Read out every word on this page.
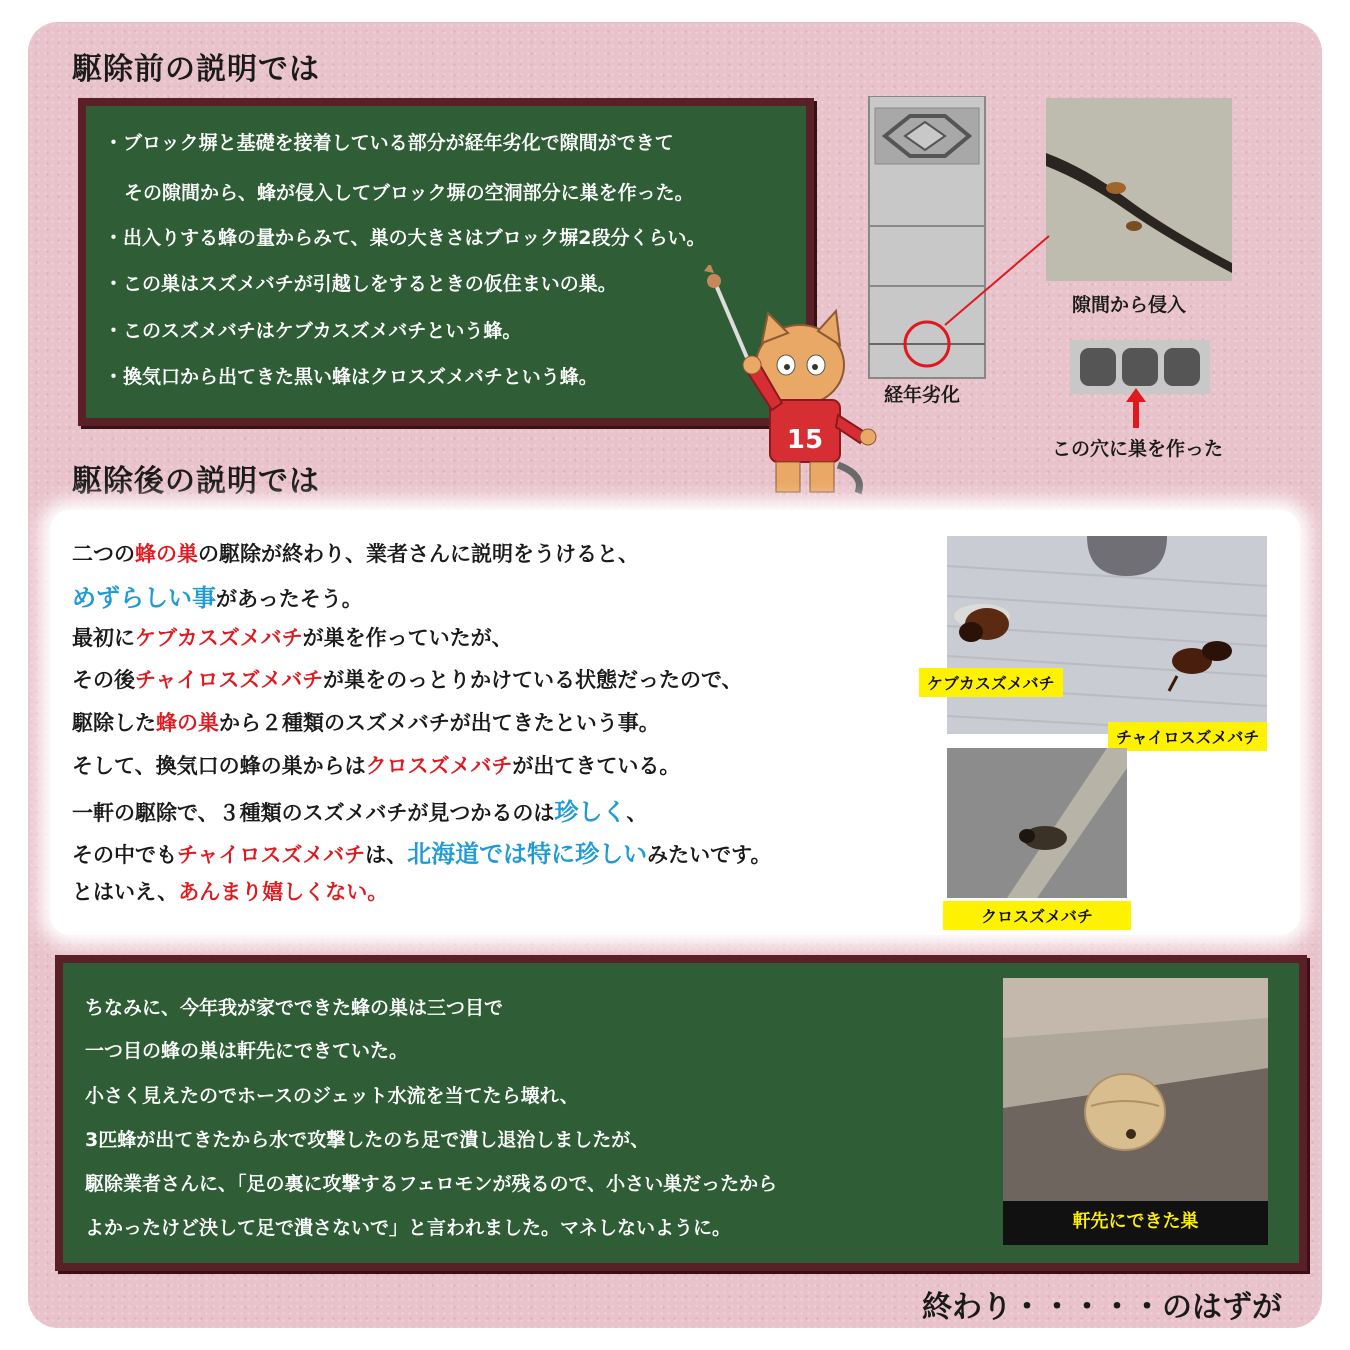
駆除前の説明では
・ブロック塀と基礎を接着している部分が経年劣化で隙間ができて
その隙間から、蜂が侵入してブロック塀の空洞部分に巣を作った。
・出入りする蜂の量からみて、巣の大きさはブロック塀2段分くらい。
・この巣はスズメバチが引越しをするときの仮住まいの巣。
・このスズメバチはケブカスズメバチという蜂。
・換気口から出てきた黒い蜂はクロスズメバチという蜂。
15
経年劣化
隙間から侵入
この穴に巣を作った
駆除後の説明では
二つの蜂の巣の駆除が終わり、業者さんに説明をうけると、
めずらしい事があったそう。
最初にケブカスズメバチが巣を作っていたが、
その後チャイロスズメバチが巣をのっとりかけている状態だったので、
駆除した蜂の巣から２種類のスズメバチが出てきたという事。
そして、換気口の蜂の巣からはクロスズメバチが出てきている。
一軒の駆除で、３種類のスズメバチが見つかるのは珍しく、
その中でもチャイロスズメバチは、北海道では特に珍しいみたいです。
とはいえ、あんまり嬉しくない。
ケブカスズメバチ
チャイロスズメバチ
クロスズメバチ
ちなみに、今年我が家でできた蜂の巣は三つ目で
一つ目の蜂の巣は軒先にできていた。
小さく見えたのでホースのジェット水流を当てたら壊れ、
3匹蜂が出てきたから水で攻撃したのち足で潰し退治しましたが、
駆除業者さんに、「足の裏に攻撃するフェロモンが残るので、小さい巣だったから
よかったけど決して足で潰さないで」と言われました。マネしないように。	軒先にできた巣
終わり・・・・・のはずが
